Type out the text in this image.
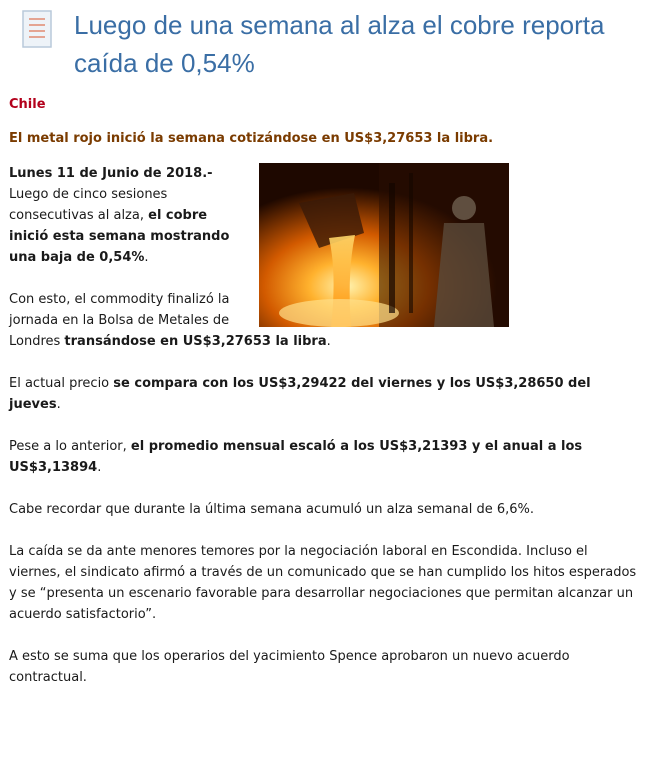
Luego de una semana al alza el cobre reporta caída de 0,54%
Chile
El metal rojo inició la semana cotizándose en US$3,27653 la libra.

Lunes 11 de Junio de 2018.- Luego de cinco sesiones consecutivas al alza, el cobre inició esta semana mostrando una baja de 0,54%.

Con esto, el commodity finalizó la jornada en la Bolsa de Metales de Londres transándose en US$3,27653 la libra.

El actual precio se compara con los US$3,29422 del viernes y los US$3,28650 del jueves.

Pese a lo anterior, el promedio mensual escaló a los US$3,21393 y el anual a los US$3,13894.

Cabe recordar que durante la última semana acumuló un alza semanal de 6,6%.

La caída se da ante menores temores por la negociación laboral en Escondida. Incluso el viernes, el sindicato afirmó a través de un comunicado que se han cumplido los hitos esperados y se “presenta un escenario favorable para desarrollar negociaciones que permitan alcanzar un acuerdo satisfactorio”.

A esto se suma que los operarios del yacimiento Spence aprobaron un nuevo acuerdo contractual.
